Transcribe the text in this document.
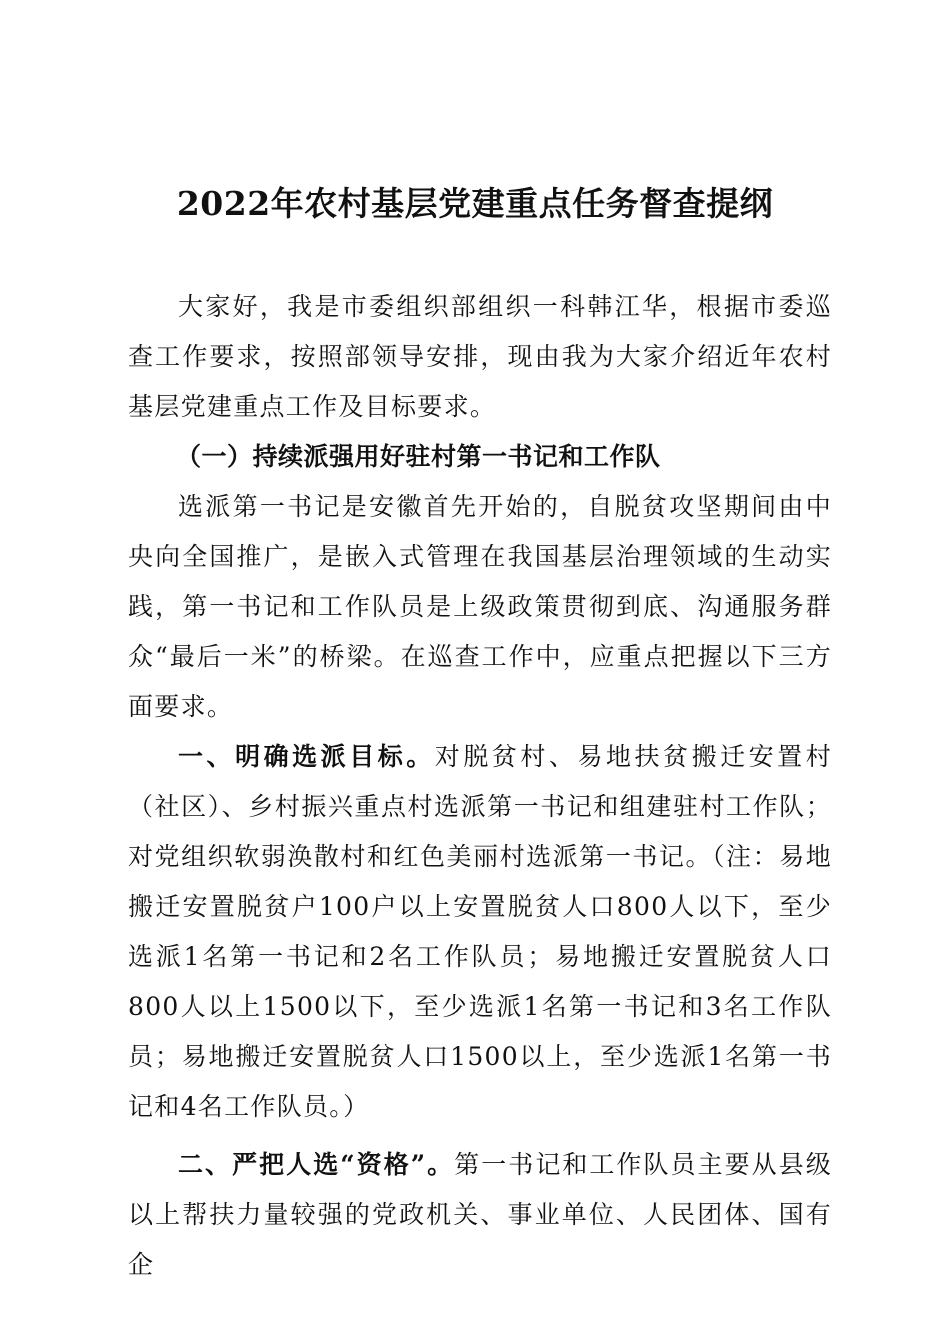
2022年农村基层党建重点任务督查提纲

大家好，我是市委组织部组织一科韩江华，根据市委巡查工作要求，按照部领导安排，现由我为大家介绍近年农村基层党建重点工作及目标要求。

（一）持续派强用好驻村第一书记和工作队

选派第一书记是安徽首先开始的，自脱贫攻坚期间由中央向全国推广，是嵌入式管理在我国基层治理领域的生动实践，第一书记和工作队员是上级政策贯彻到底、沟通服务群众“最后一米”的桥梁。在巡查工作中，应重点把握以下三方面要求。

一、明确选派目标。对脱贫村、易地扶贫搬迁安置村（社区）、乡村振兴重点村选派第一书记和组建驻村工作队；对党组织软弱涣散村和红色美丽村选派第一书记。（注：易地搬迁安置脱贫户100户以上安置脱贫人口800人以下，至少选派1名第一书记和2名工作队员；易地搬迁安置脱贫人口800人以上1500以下，至少选派1名第一书记和3名工作队员；易地搬迁安置脱贫人口1500以上，至少选派1名第一书记和4名工作队员。）

二、严把人选“资格”。第一书记和工作队员主要从县级以上帮扶力量较强的党政机关、事业单位、人民团体、国有企
